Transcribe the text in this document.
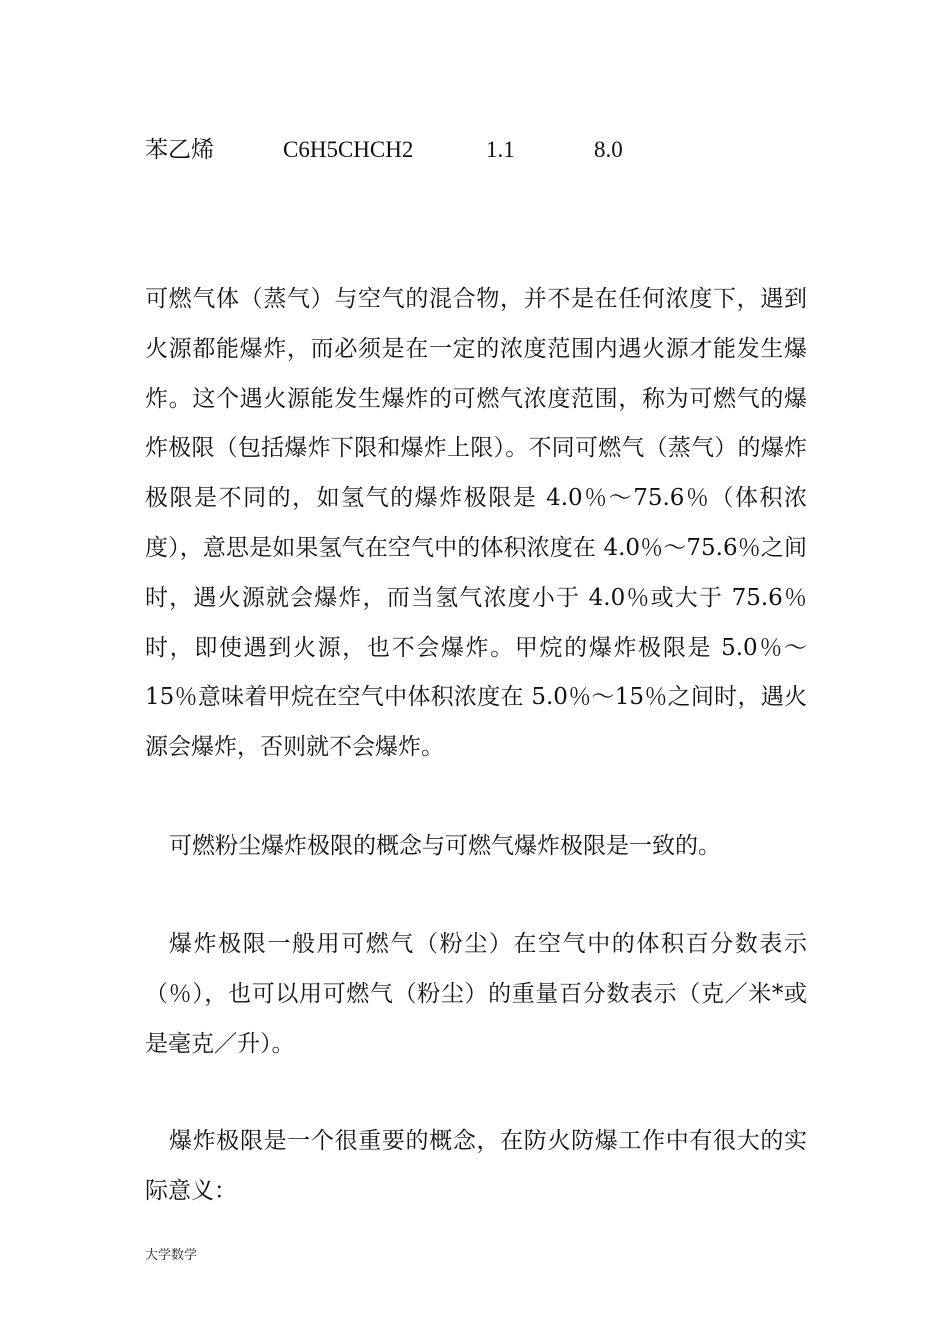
苯乙烯	C6H5CHCH2	1.1	8.0

可燃气体（蒸气）与空气的混合物，并不是在任何浓度下，遇到火源都能爆炸，而必须是在一定的浓度范围内遇火源才能发生爆炸。这个遇火源能发生爆炸的可燃气浓度范围，称为可燃气的爆炸极限（包括爆炸下限和爆炸上限）。不同可燃气（蒸气）的爆炸极限是不同的，如氢气的爆炸极限是 4.0％～75.6％（体积浓度），意思是如果氢气在空气中的体积浓度在 4.0％～75.6％之间时，遇火源就会爆炸，而当氢气浓度小于 4.0％或大于 75.6％时，即使遇到火源，也不会爆炸。甲烷的爆炸极限是 5.0％～15％意味着甲烷在空气中体积浓度在 5.0％～15％之间时，遇火源会爆炸，否则就不会爆炸。

可燃粉尘爆炸极限的概念与可燃气爆炸极限是一致的。

爆炸极限一般用可燃气（粉尘）在空气中的体积百分数表示（％），也可以用可燃气（粉尘）的重量百分数表示（克／米*或是毫克／升）。

爆炸极限是一个很重要的概念，在防火防爆工作中有很大的实际意义：

大学数学
